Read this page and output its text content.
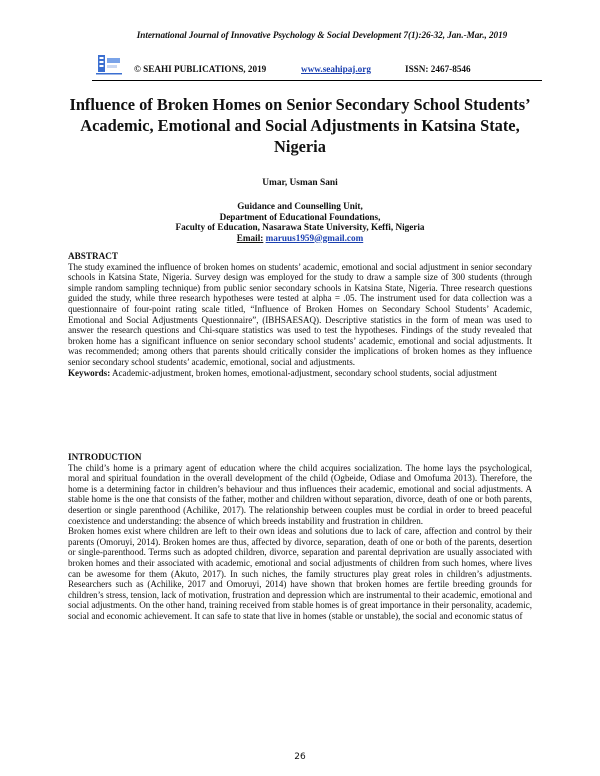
International Journal of Innovative Psychology & Social Development 7(1):26-32, Jan.-Mar., 2019
© SEAHI PUBLICATIONS, 2019	www.seahipaj.org	ISSN: 2467-8546
Influence of Broken Homes on Senior Secondary School Students’ Academic, Emotional and Social Adjustments in Katsina State, Nigeria
Umar, Usman Sani
Guidance and Counselling Unit,
Department of Educational Foundations,
Faculty of Education, Nasarawa State University, Keffi, Nigeria
Email: maruus1959@gmail.com
ABSTRACT

The study examined the influence of broken homes on students’ academic, emotional and social adjustment in senior secondary schools in Katsina State, Nigeria. Survey design was employed for the study to draw a sample size of 300 students (through simple random sampling technique) from public senior secondary schools in Katsina State, Nigeria. Three research questions guided the study, while three research hypotheses were tested at alpha = .05. The instrument used for data collection was a questionnaire of four-point rating scale titled, “Influence of Broken Homes on Secondary School Students’ Academic, Emotional and Social Adjustments Questionnaire”, (IBHSAESAQ). Descriptive statistics in the form of mean was used to answer the research questions and Chi-square statistics was used to test the hypotheses. Findings of the study revealed that broken home has a significant influence on senior secondary school students’ academic, emotional and social adjustments. It was recommended; among others that parents should critically consider the implications of broken homes as they influence senior secondary school students’ academic, emotional, social and adjustments.

Keywords: Academic-adjustment, broken homes, emotional-adjustment, secondary school students, social adjustment

INTRODUCTION

The child’s home is a primary agent of education where the child acquires socialization. The home lays the psychological, moral and spiritual foundation in the overall development of the child (Ogbeide, Odiase and Omofuma 2013). Therefore, the home is a determining factor in children’s behaviour and thus influences their academic, emotional and social adjustments. A stable home is the one that consists of the father, mother and children without separation, divorce, death of one or both parents, desertion or single parenthood (Achilike, 2017). The relationship between couples must be cordial in order to breed peaceful coexistence and understanding: the absence of which breeds instability and frustration in children.

Broken homes exist where children are left to their own ideas and solutions due to lack of care, affection and control by their parents (Omoruyi, 2014). Broken homes are thus, affected by divorce, separation, death of one or both of the parents, desertion or single-parenthood. Terms such as adopted children, divorce, separation and parental deprivation are usually associated with broken homes and their associated with academic, emotional and social adjustments of children from such homes, where lives can be awesome for them (Akuto, 2017). In such niches, the family structures play great roles in children’s adjustments. Researchers such as (Achilike, 2017 and Omoruyi, 2014) have shown that broken homes are fertile breeding grounds for children’s stress, tension, lack of motivation, frustration and depression which are instrumental to their academic, emotional and social adjustments. On the other hand, training received from stable homes is of great importance in their personality, academic, social and economic achievement. It can safe to state that live in homes (stable or unstable), the social and economic status of

26
